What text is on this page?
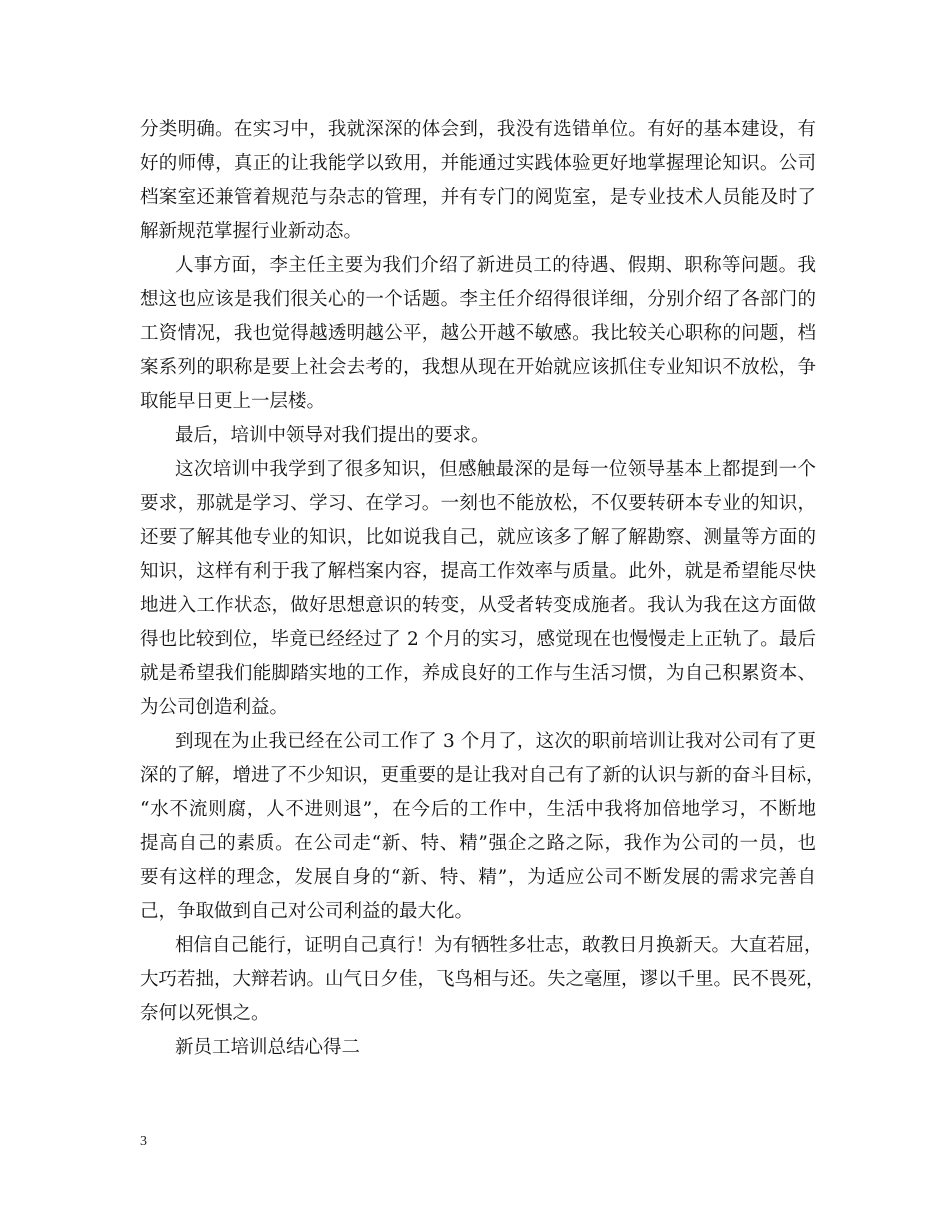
分类明确。在实习中，我就深深的体会到，我没有选错单位。有好的基本建设，有
好的师傅，真正的让我能学以致用，并能通过实践体验更好地掌握理论知识。公司
档案室还兼管着规范与杂志的管理，并有专门的阅览室，是专业技术人员能及时了
解新规范掌握行业新动态。
人事方面，李主任主要为我们介绍了新进员工的待遇、假期、职称等问题。我
想这也应该是我们很关心的一个话题。李主任介绍得很详细，分别介绍了各部门的
工资情况，我也觉得越透明越公平，越公开越不敏感。我比较关心职称的问题，档
案系列的职称是要上社会去考的，我想从现在开始就应该抓住专业知识不放松，争
取能早日更上一层楼。
最后，培训中领导对我们提出的要求。
这次培训中我学到了很多知识，但感触最深的是每一位领导基本上都提到一个
要求，那就是学习、学习、在学习。一刻也不能放松，不仅要转研本专业的知识，
还要了解其他专业的知识，比如说我自己，就应该多了解了解勘察、测量等方面的
知识，这样有利于我了解档案内容，提高工作效率与质量。此外，就是希望能尽快
地进入工作状态，做好思想意识的转变，从受者转变成施者。我认为我在这方面做
得也比较到位，毕竟已经经过了 2 个月的实习，感觉现在也慢慢走上正轨了。最后
就是希望我们能脚踏实地的工作，养成良好的工作与生活习惯，为自己积累资本、
为公司创造利益。
到现在为止我已经在公司工作了 3 个月了，这次的职前培训让我对公司有了更
深的了解，增进了不少知识，更重要的是让我对自己有了新的认识与新的奋斗目标，
“水不流则腐，人不进则退”，在今后的工作中，生活中我将加倍地学习，不断地
提高自己的素质。在公司走“新、特、精”强企之路之际，我作为公司的一员，也
要有这样的理念，发展自身的“新、特、精”，为适应公司不断发展的需求完善自
己，争取做到自己对公司利益的最大化。
相信自己能行，证明自己真行！为有牺牲多壮志，敢教日月换新天。大直若屈，
大巧若拙，大辩若讷。山气日夕佳，飞鸟相与还。失之毫厘，谬以千里。民不畏死，
奈何以死惧之。
新员工培训总结心得二
3
